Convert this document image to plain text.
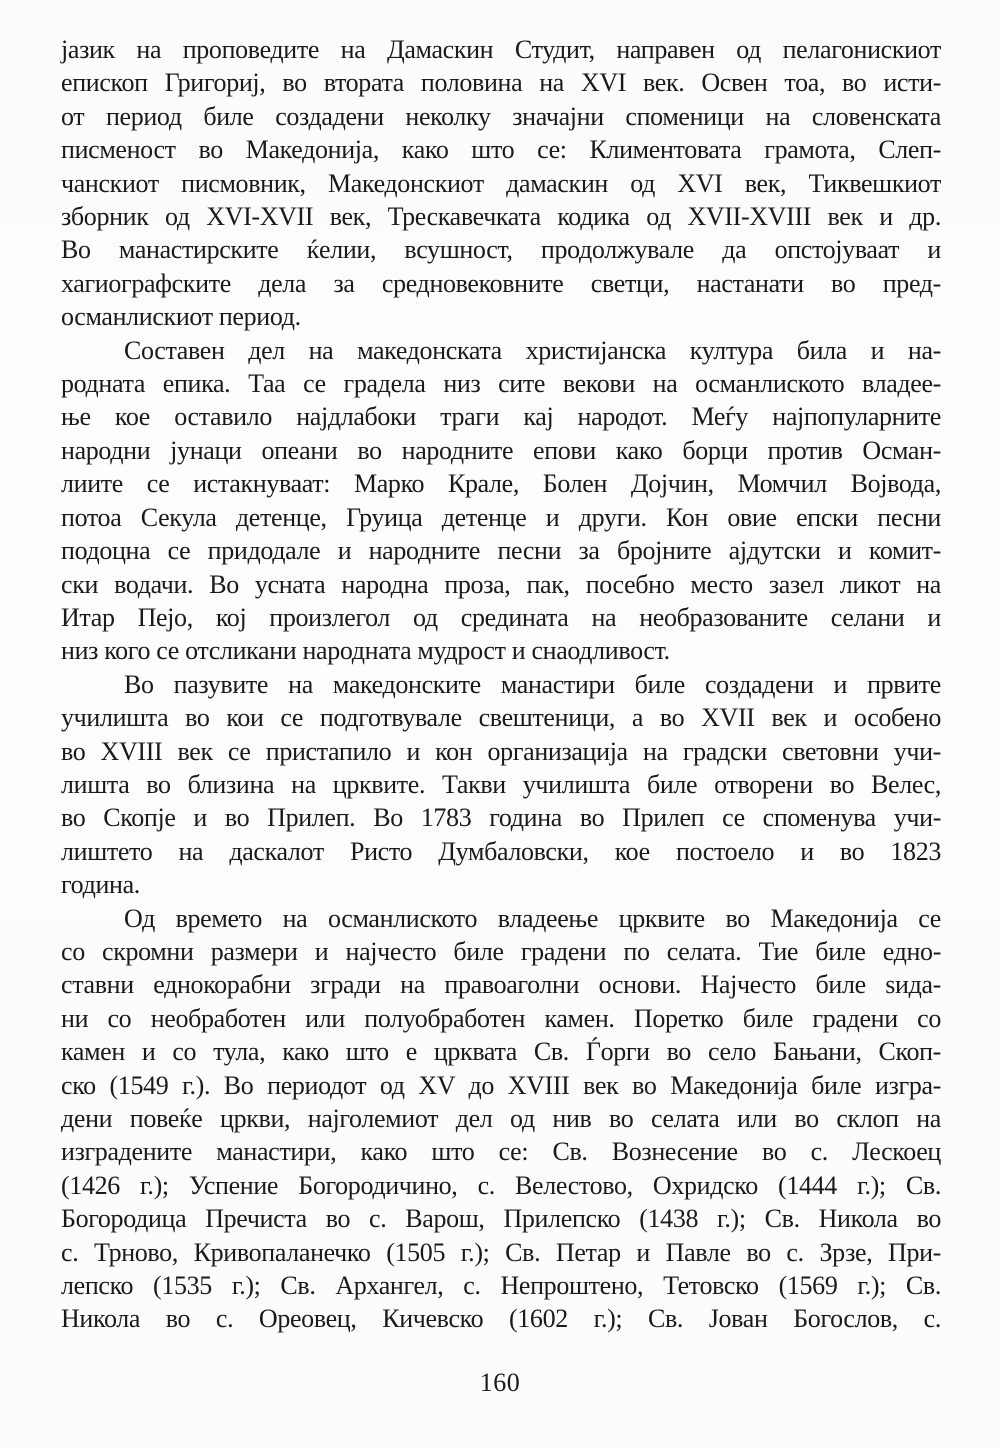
јазик на проповедите на Дамаскин Студит, направен од пелагонискиот
епископ Григориј, во втората половина на XVI век. Освен тоа, во исти-
от период биле создадени неколку значајни споменици на словенската
писменост во Македонија, како што се: Климентовата грамота, Слеп-
чанскиот писмовник, Македонскиот дамаскин од XVI век, Тиквешкиот
зборник од XVI-XVII век, Трескавечката кодика од XVII-XVIII век и др.
Во манастирските ќелии, всушност, продолжувале да опстојуваат и
хагиографските дела за средновековните светци, настанати во пред-
османлискиот период.
Составен дел на македонската христијанска култура била и на-
родната епика. Таа се градела низ сите векови на османлиското владее-
ње кое оставило најдлабоки траги кај народот. Меѓу најпопуларните
народни јунаци опеани во народните епови како борци против Осман-
лиите се истакнуваат: Марко Крале, Болен Дојчин, Момчил Војвода,
потоа Секула детенце, Груица детенце и други. Кон овие епски песни
подоцна се придодале и народните песни за бројните ајдутски и комит-
ски водачи. Во усната народна проза, пак, посебно место зазел ликот на
Итар Пејо, кој произлегол од средината на необразованите селани и
низ кого се отсликани народната мудрост и снаодливост.
Во пазувите на македонските манастири биле создадени и првите
училишта во кои се подготвувале свештеници, а во XVII век и особено
во XVIII век се пристапило и кон организација на градски световни учи-
лишта во близина на црквите. Такви училишта биле отворени во Велес,
во Скопје и во Прилеп. Во 1783 година во Прилеп се споменува учи-
лиштето на даскалот Ристо Думбаловски, кое постоело и во 1823
година.
Од времето на османлиското владеење црквите во Македонија се
со скромни размери и најчесто биле градени по селата. Тие биле едно-
ставни еднокорабни згради на правоаголни основи. Најчесто биле ѕида-
ни со необработен или полуобработен камен. Поретко биле градени со
камен и со тула, како што е црквата Св. Ѓорги во село Бањани, Скоп-
ско (1549 г.). Во периодот од XV до XVIII век во Македонија биле изгра-
дени повеќе цркви, најголемиот дел од нив во селата или во склоп на
изградените манастири, како што се: Св. Вознесение во с. Лескоец
(1426 г.); Успение Богородичино, с. Велестово, Охридско (1444 г.); Св.
Богородица Пречиста во с. Варош, Прилепско (1438 г.); Св. Никола во
с. Трново, Кривопаланечко (1505 г.); Св. Петар и Павле во с. Зрзе, При-
лепско (1535 г.); Св. Архангел, с. Непроштено, Тетовско (1569 г.); Св.
Никола во с. Ореовец, Кичевско (1602 г.); Св. Јован Богослов, с.
160
